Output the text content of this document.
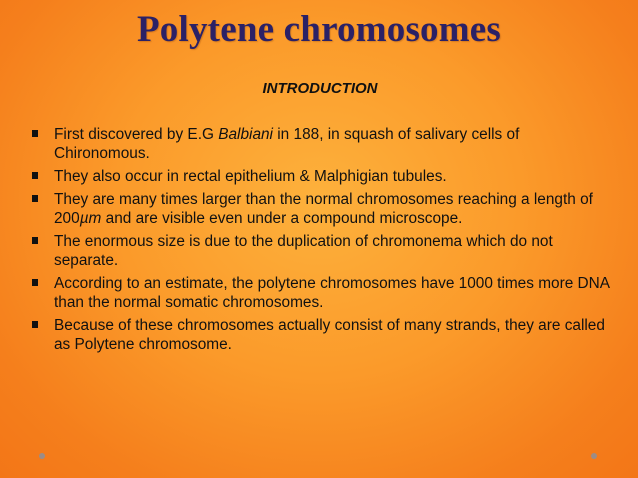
Polytene chromosomes
INTRODUCTION
First discovered by E.G Balbiani in 188, in squash of salivary cells of Chironomous.
They also occur in rectal epithelium & Malphigian tubules.
They are many times larger than the normal chromosomes reaching a length of 200µm and are visible even under a compound microscope.
The enormous size is due to the duplication of chromonema which do not separate.
According to an estimate, the polytene chromosomes have 1000 times more DNA than the normal somatic chromosomes.
Because of these chromosomes actually consist of many strands, they are called as Polytene chromosome.
